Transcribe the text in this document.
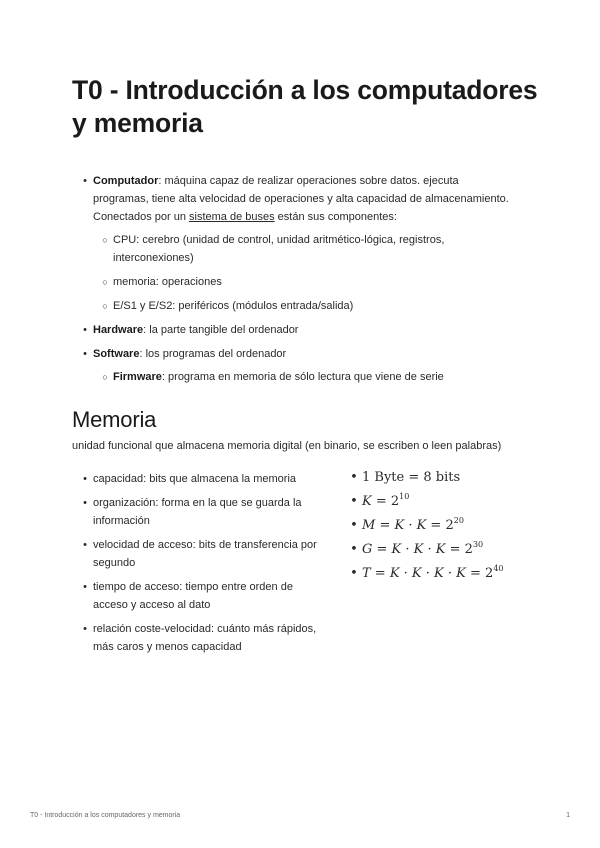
T0 - Introducción a los computadores y memoria
• Computador: máquina capaz de realizar operaciones sobre datos. ejecuta programas, tiene alta velocidad de operaciones y alta capacidad de almacenamiento. Conectados por un sistema de buses están sus componentes:
○ CPU: cerebro (unidad de control, unidad aritmético-lógica, registros, interconexiones)
○ memoria: operaciones
○ E/S1 y E/S2: periféricos (módulos entrada/salida)
• Hardware: la parte tangible del ordenador
• Software: los programas del ordenador
○ Firmware: programa en memoria de sólo lectura que viene de serie
Memoria
unidad funcional que almacena memoria digital (en binario, se escriben o leen palabras)
• capacidad: bits que almacena la memoria
• organización: forma en la que se guarda la información
• velocidad de acceso: bits de transferencia por segundo
• tiempo de acceso: tiempo entre orden de acceso y acceso al dato
• relación coste-velocidad: cuánto más rápidos, más caros y menos capacidad
• 1 Byte = 8 bits
• $K = 2^{10}$
• $M = K \cdot K = 2^{20}$
• $G = K \cdot K \cdot K = 2^{30}$
• $T = K \cdot K \cdot K \cdot K = 2^{40}$
T0 - Introducción a los computadores y memoria	1
